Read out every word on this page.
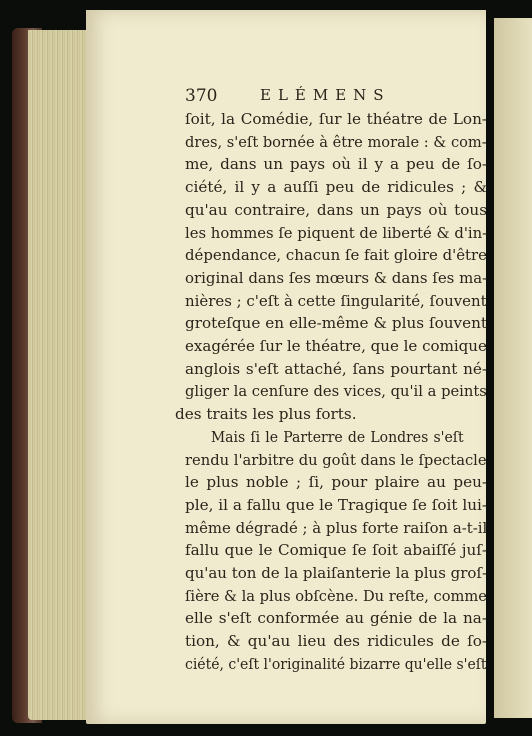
370	ELÉMENS
ſoit, la Comédie, ſur le théatre de Lon-
dres, s'eſt bornée à être morale : & com-
me, dans un pays où il y a peu de ſo-
ciété, il y a auſſi peu de ridicules ; &
qu'au contraire, dans un pays où tous
les hommes ſe piquent de liberté & d'in-
dépendance, chacun ſe fait gloire d'être
original dans ſes mœurs & dans ſes ma-
nières ; c'eſt à cette ſingularité, ſouvent
groteſque en elle-même & plus ſouvent
exagérée ſur le théatre, que le comique
anglois s'eſt attaché, ſans pourtant né-
gliger la cenſure des vices, qu'il a peints
des traits les plus forts.
Mais ſi le Parterre de Londres s'eſt
rendu l'arbitre du goût dans le ſpectacle
le plus noble ; ſi, pour plaire au peu-
ple, il a fallu que le Tragique ſe ſoit lui-
même dégradé ; à plus forte raiſon a-t-il
fallu que le Comique ſe ſoit abaiſſé juſ-
qu'au ton de la plaiſanterie la plus groſ-
ſière & la plus obſcène. Du reſte, comme
elle s'eſt conformée au génie de la na-
tion, & qu'au lieu des ridicules de ſo-
ciété, c'eſt l'originalité bizarre qu'elle s'eſt
